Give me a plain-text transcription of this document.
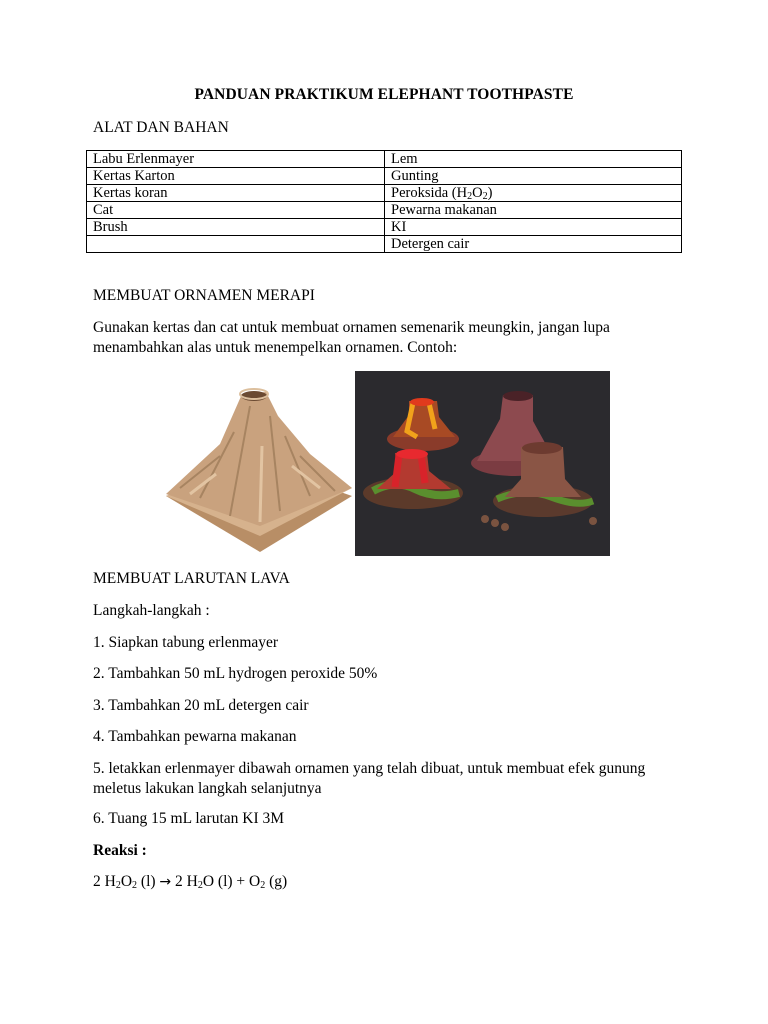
PANDUAN PRAKTIKUM ELEPHANT TOOTHPASTE
ALAT DAN BAHAN
Labu Erlenmayer	Lem
Kertas Karton	Gunting
Kertas koran	Peroksida $(H_2O_2)$
Cat	Pewarna makanan
Brush	KI
	Detergen cair
MEMBUAT ORNAMEN MERAPI
Gunakan kertas dan cat untuk membuat ornamen semenarik meungkin, jangan lupa menambahkan alas untuk menempelkan ornamen. Contoh:
MEMBUAT LARUTAN LAVA
Langkah-langkah :
1. Siapkan tabung erlenmayer
2. Tambahkan 50 mL hydrogen peroxide 50%
3. Tambahkan 20 mL detergen cair
4. Tambahkan pewarna makanan
5. letakkan erlenmayer dibawah ornamen yang telah dibuat, untuk membuat efek gunung meletus lakukan langkah selanjutnya
6. Tuang 15 mL larutan KI 3M
Reaksi :
2 $H_2O_2$ (l) → 2 $H_2O$ $(l) + O_2$ (g)
